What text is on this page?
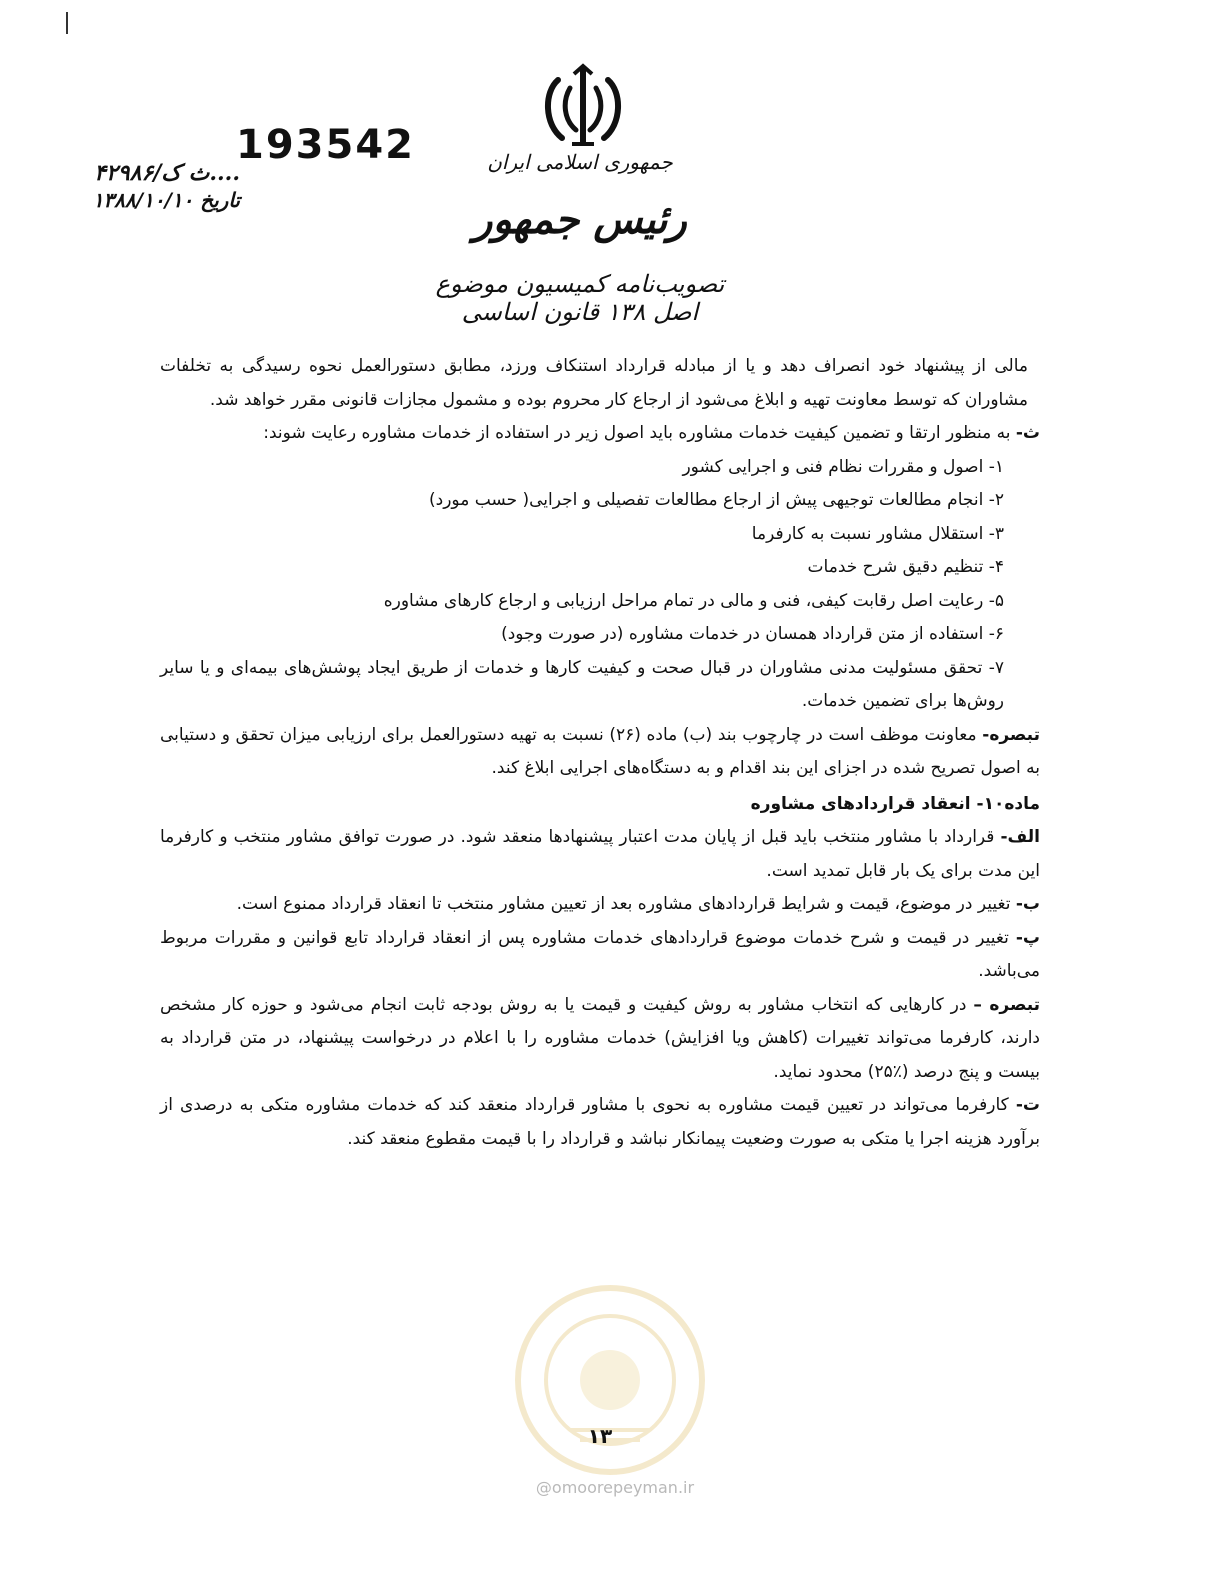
جمهوری اسلامی ایران
رئیس جمهور
تصویب‌نامه کمیسیون موضوع اصل ۱۳۸ قانون اساسی
193542
۴۲۹۸۶/ث ک....
تاریخ ۱۳۸۸/۱۰/۱۰

مالی از پیشنهاد خود انصراف دهد و یا از مبادله قرارداد استنکاف ورزد، مطابق دستورالعمل نحوه رسیدگی به تخلفات مشاوران که توسط معاونت تهیه و ابلاغ می‌شود از ارجاع کار محروم بوده و مشمول مجازات قانونی مقرر خواهد شد.

ث- به منظور ارتقا و تضمین کیفیت خدمات مشاوره باید اصول زیر در استفاده از خدمات مشاوره رعایت شوند:

۱- اصول و مقررات نظام فنی و اجرایی کشور

۲- انجام مطالعات توجیهی پیش از ارجاع مطالعات تفصیلی و اجرایی( حسب مورد)

۳- استقلال مشاور نسبت به کارفرما

۴- تنظیم دقیق شرح خدمات

۵- رعایت اصل رقابت کیفی، فنی و مالی در تمام مراحل ارزیابی و ارجاع کارهای مشاوره

۶- استفاده از متن قرارداد همسان در خدمات مشاوره (در صورت وجود)

۷- تحقق مسئولیت مدنی مشاوران در قبال صحت و کیفیت کارها و خدمات از طریق ایجاد پوشش‌های بیمه‌ای و یا سایر روش‌ها برای تضمین خدمات.

تبصره- معاونت موظف است در چارچوب بند (ب) ماده (۲۶) نسبت به تهیه دستورالعمل برای ارزیابی میزان تحقق و دستیابی به اصول تصریح شده در اجزای این بند اقدام و به دستگاه‌های اجرایی ابلاغ کند.

ماده۱۰- انعقاد قراردادهای مشاوره

الف- قرارداد با مشاور منتخب باید قبل از پایان مدت اعتبار پیشنهادها منعقد شود. در صورت توافق مشاور منتخب و کارفرما این مدت برای یک بار قابل تمدید است.

ب- تغییر در موضوع، قیمت و شرایط قراردادهای مشاوره بعد از تعیین مشاور منتخب تا انعقاد قرارداد ممنوع است.

پ- تغییر در قیمت و شرح خدمات موضوع قراردادهای خدمات مشاوره پس از انعقاد قرارداد تابع قوانین و مقررات مربوط می‌باشد.

تبصره – در کارهایی که انتخاب مشاور به روش کیفیت و قیمت یا به روش بودجه ثابت انجام می‌شود و حوزه کار مشخص دارند، کارفرما می‌تواند تغییرات (کاهش ویا افزایش) خدمات مشاوره را با اعلام در درخواست پیشنهاد، در متن قرارداد به بیست و پنج درصد (٪۲۵) محدود نماید.

ت- کارفرما می‌تواند در تعیین قیمت مشاوره به نحوی با مشاور قرارداد منعقد کند که خدمات مشاوره متکی به درصدی از برآورد هزینه اجرا یا متکی به صورت وضعیت پیمانکار نباشد و قرارداد را با قیمت مقطوع منعقد کند.

۱۳
@omoorepeyman.ir
